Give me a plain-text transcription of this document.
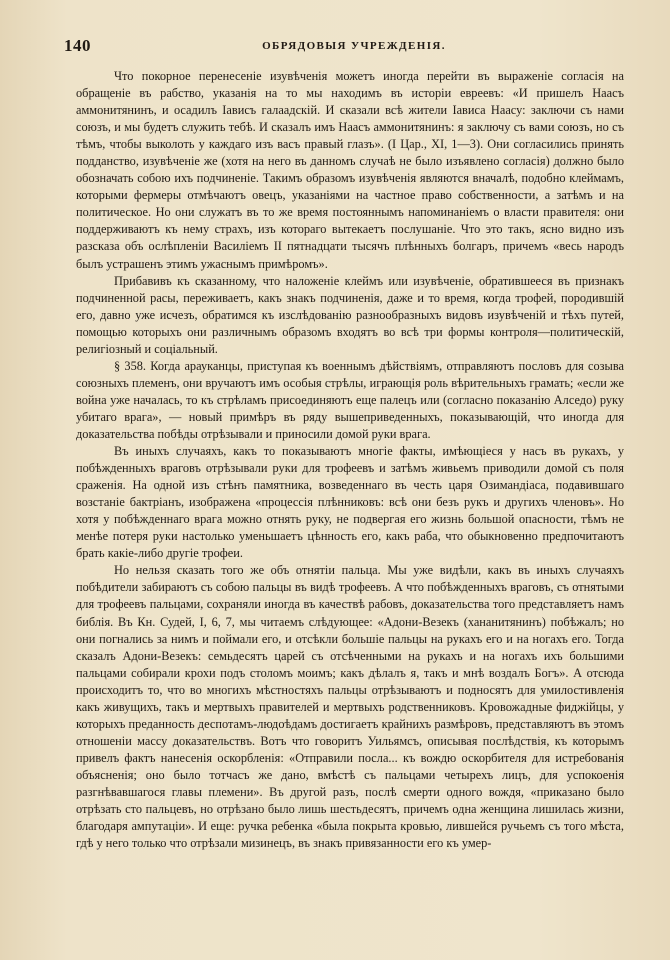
140	ОБРЯДОВЫЯ УЧРЕЖДЕНІЯ.

Что покорное перенесеніе изувѣченія можетъ иногда перейти въ выраженіе согласія на обращеніе въ рабство, указанія на то мы находимъ въ исторіи евреевъ: «И пришелъ Наасъ аммонитянинъ, и осадилъ Іависъ галаадскій. И сказали всѣ жители Іависа Наасу: заключи съ нами союзъ, и мы будетъ служить тебѣ. И сказалъ имъ Наасъ аммонитянинъ: я заключу съ вами союзъ, но съ тѣмъ, чтобы выколоть у каждаго изъ васъ правый глазъ». (І Цар., XI, 1—3). Они согласились принять подданство, изувѣченіе же (хотя на него въ данномъ случаѣ не было изъявлено согласія) должно было обозначать собою ихъ подчиненіе. Такимъ образомъ изувѣченія являются вначалѣ, подобно клеймамъ, которыми фермеры отмѣчаютъ овецъ, указаніями на частное право собственности, а затѣмъ и на политическое. Но они служатъ въ то же время постояннымъ напоминаніемъ о власти правителя: они поддерживаютъ къ нему страхъ, изъ котораго вытекаетъ послушаніе. Что это такъ, ясно видно изъ разсказа объ ослѣпленіи Василіемъ II пятнадцати тысячъ плѣнныхъ болгаръ, причемъ «весь народъ былъ устрашенъ этимъ ужаснымъ примѣромъ».

Прибавивъ къ сказанному, что наложеніе клеймъ или изувѣченіе, обратившееся въ признакъ подчиненной расы, переживаетъ, какъ знакъ подчиненія, даже и то время, когда трофей, породившій его, давно уже исчезъ, обратимся къ изслѣдованію разнообразныхъ видовъ изувѣченій и тѣхъ путей, помощью которыхъ они различнымъ образомъ входятъ во всѣ три формы контроля—политическій, религіозный и соціальный.

§ 358. Когда арауканцы, приступая къ военнымъ дѣйствіямъ, отправляютъ пословъ для созыва союзныхъ племенъ, они вручаютъ имъ особыя стрѣлы, играющія роль вѣрительныхъ грамать; «если же война уже началась, то къ стрѣламъ присоединяютъ еще палецъ или (согласно показанію Алседо) руку убитаго врага», — новый примѣръ въ ряду вышеприведенныхъ, показывающій, что иногда для доказательства побѣды отрѣзывали и приносили домой руки врага.

Въ иныхъ случаяхъ, какъ то показываютъ многіе факты, имѣющіеся у насъ въ рукахъ, у побѣжденныхъ враговъ отрѣзывали руки для трофеевъ и затѣмъ живьемъ приводили домой съ поля сраженія. На одной изъ стѣнъ памятника, возведеннаго въ честь царя Озимандіаса, подавившаго возстаніе бактріанъ, изображена «процессія плѣнниковъ: всѣ они безъ рукъ и другихъ членовъ». Но хотя у побѣжденнаго врага можно отнять руку, не подвергая его жизнь большой опасности, тѣмъ не менѣе потеря руки настолько уменьшаетъ цѣнность его, какъ раба, что обыкновенно предпочитаютъ брать какіе-либо другіе трофеи.

Но нельзя сказать того же объ отнятіи пальца. Мы уже видѣли, какъ въ иныхъ случаяхъ побѣдители забираютъ съ собою пальцы въ видѣ трофеевъ. А что побѣжденныхъ враговъ, съ отнятыми для трофеевъ пальцами, сохраняли иногда въ качествѣ рабовъ, доказательства того представляетъ намъ библія. Въ Кн. Судей, І, 6, 7, мы читаемъ слѣдующее: «Адони-Везекъ (хананитянинъ) побѣжалъ; но они погнались за нимъ и поймали его, и отсѣкли большіе пальцы на рукахъ его и на ногахъ его. Тогда сказалъ Адони-Везекъ: семьдесятъ царей съ отсѣченными на рукахъ и на ногахъ ихъ большими пальцами собирали крохи подъ столомъ моимъ; какъ дѣлалъ я, такъ и мнѣ воздалъ Богъ». А отсюда происходитъ то, что во многихъ мѣстностяхъ пальцы отрѣзываютъ и подносятъ для умилостивленія какъ живущихъ, такъ и мертвыхъ правителей и мертвыхъ родственниковъ. Кровожадные фиджійцы, у которыхъ преданность деспотамъ-людоѣдамъ достигаетъ крайнихъ размѣровъ, представляютъ въ этомъ отношеніи массу доказательствъ. Вотъ что говоритъ Уильямсъ, описывая послѣдствія, къ которымъ привелъ фактъ нанесенія оскорбленія: «Отправили посла... къ вождю оскорбителя для истребованія объясненія; оно было тотчасъ же дано, вмѣстѣ съ пальцами четырехъ лицъ, для успокоенія разгнѣвавшагося главы племени». Въ другой разъ, послѣ смерти одного вождя, «приказано было отрѣзать сто пальцевъ, но отрѣзано было лишь шестьдесятъ, причемъ одна женщина лишилась жизни, благодаря ампутаціи». И еще: ручка ребенка «была покрыта кровью, лившейся ручьемъ съ того мѣста, гдѣ у него только что отрѣзали мизинецъ, въ знакъ привязанности его къ умер-
